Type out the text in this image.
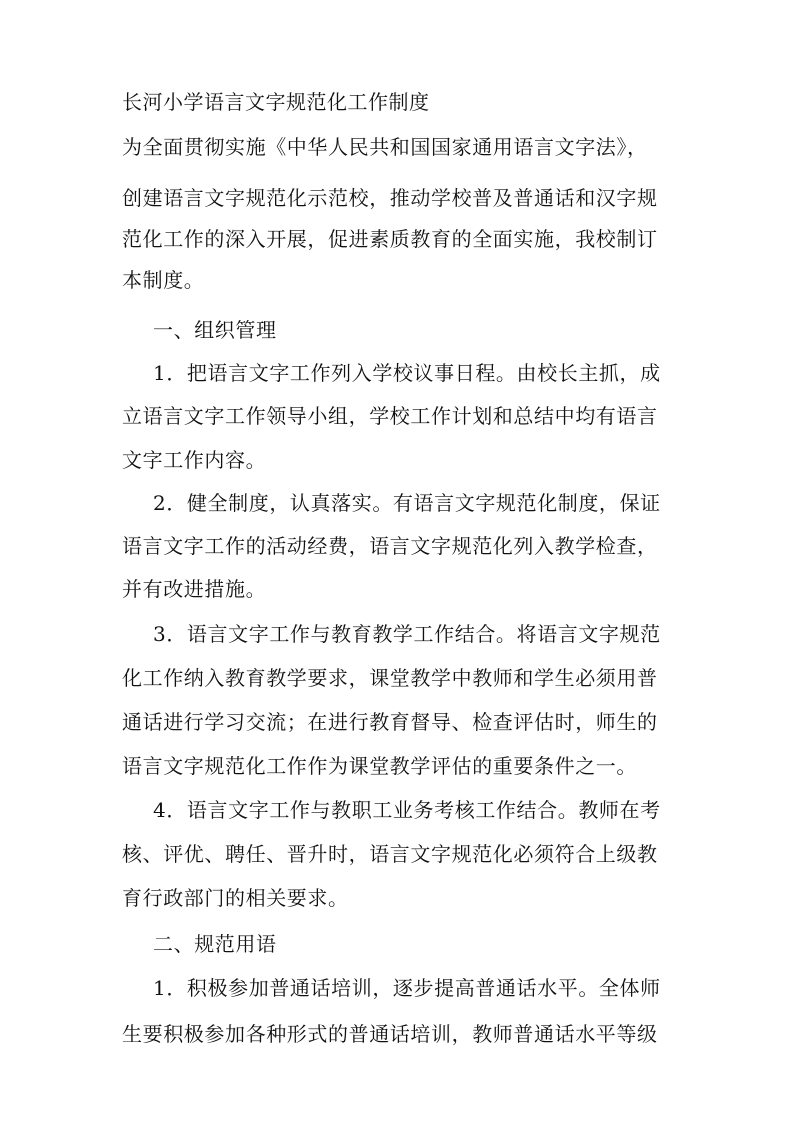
长河小学语言文字规范化工作制度
为全面贯彻实施《中华人民共和国国家通用语言文字法》，
创建语言文字规范化示范校，推动学校普及普通话和汉字规
范化工作的深入开展，促进素质教育的全面实施，我校制订
本制度。
一、组织管理
1．把语言文字工作列入学校议事日程。由校长主抓，成
立语言文字工作领导小组，学校工作计划和总结中均有语言
文字工作内容。
2．健全制度，认真落实。有语言文字规范化制度，保证
语言文字工作的活动经费，语言文字规范化列入教学检查，
并有改进措施。
3．语言文字工作与教育教学工作结合。将语言文字规范
化工作纳入教育教学要求，课堂教学中教师和学生必须用普
通话进行学习交流；在进行教育督导、检查评估时，师生的
语言文字规范化工作作为课堂教学评估的重要条件之一。
4．语言文字工作与教职工业务考核工作结合。教师在考
核、评优、聘任、晋升时，语言文字规范化必须符合上级教
育行政部门的相关要求。
二、规范用语
1．积极参加普通话培训，逐步提高普通话水平。全体师
生要积极参加各种形式的普通话培训，教师普通话水平等级
